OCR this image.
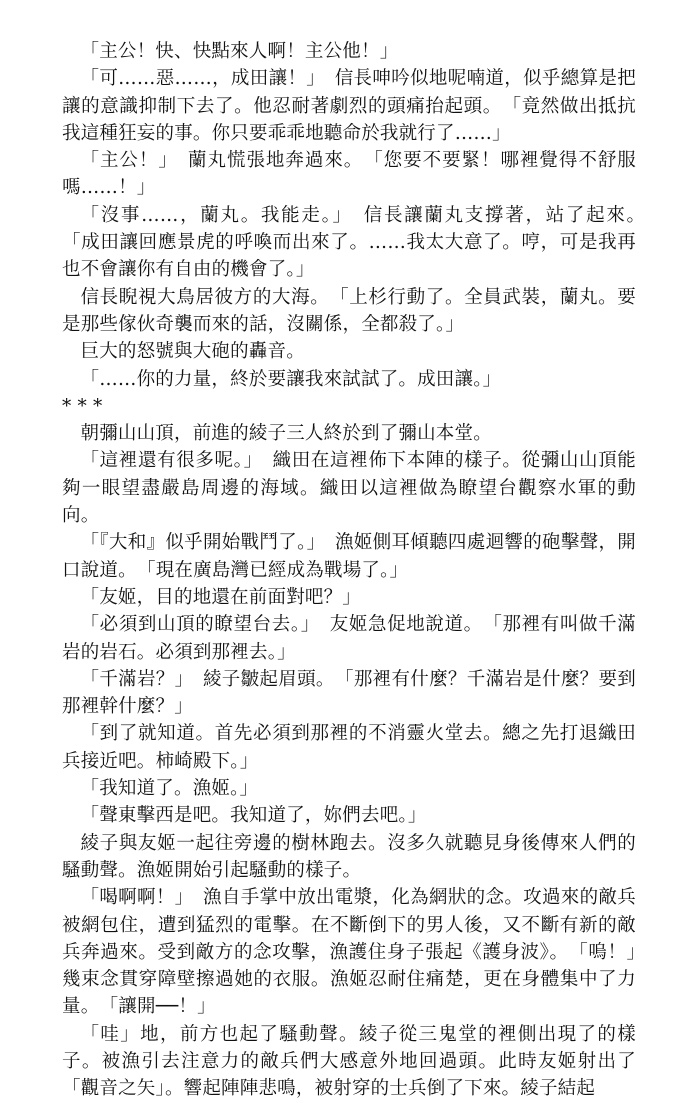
「主公！快、快點來人啊！主公他！」

「可……惡……，成田讓！」　信長呻吟似地呢喃道，似乎總算是把讓的意識抑制下去了。他忍耐著劇烈的頭痛抬起頭。　「竟然做出抵抗我這種狂妄的事。你只要乖乖地聽命於我就行了……」

「主公！」　蘭丸慌張地奔過來。　「您要不要緊！哪裡覺得不舒服嗎……！」

「沒事……，蘭丸。我能走。」　信長讓蘭丸支撐著，站了起來。　「成田讓回應景虎的呼喚而出來了。……我太大意了。哼，可是我再也不會讓你有自由的機會了。」

信長睨視大鳥居彼方的大海。　「上杉行動了。全員武裝，蘭丸。要是那些傢伙奇襲而來的話，沒關係，全都殺了。」

巨大的怒號與大砲的轟音。

「……你的力量，終於要讓我來試試了。成田讓。」

* * *

朝彌山山頂，前進的綾子三人終於到了彌山本堂。

「這裡還有很多呢。」　織田在這裡佈下本陣的樣子。從彌山山頂能夠一眼望盡嚴島周邊的海域。織田以這裡做為瞭望台觀察水軍的動向。

「『大和』似乎開始戰鬥了。」　漁姬側耳傾聽四處迴響的砲擊聲，開口說道。　「現在廣島灣已經成為戰場了。」

「友姬，目的地還在前面對吧？」

「必須到山頂的瞭望台去。」　友姬急促地說道。　「那裡有叫做千滿岩的岩石。必須到那裡去。」

「千滿岩？」　綾子皺起眉頭。　「那裡有什麼？千滿岩是什麼？要到那裡幹什麼？」

「到了就知道。首先必須到那裡的不消靈火堂去。總之先打退織田兵接近吧。柿崎殿下。」

「我知道了。漁姬。」

「聲東擊西是吧。我知道了，妳們去吧。」

綾子與友姬一起往旁邊的樹林跑去。沒多久就聽見身後傳來人們的騷動聲。漁姬開始引起騷動的樣子。

「喝啊啊！」　漁自手掌中放出電漿，化為網狀的念。攻過來的敵兵被網包住，遭到猛烈的電擊。在不斷倒下的男人後，又不斷有新的敵兵奔過來。受到敵方的念攻擊，漁護住身子張起《護身波》。　「嗚！」　幾束念貫穿障壁擦過她的衣服。漁姬忍耐住痛楚，更在身體集中了力量。　「讓開──！」

「哇」地，前方也起了騷動聲。綾子從三鬼堂的裡側出現了的樣子。被漁引去注意力的敵兵們大感意外地回過頭。此時友姬射出了「觀音之矢」。響起陣陣悲鳴，被射穿的士兵倒了下來。綾子結起
